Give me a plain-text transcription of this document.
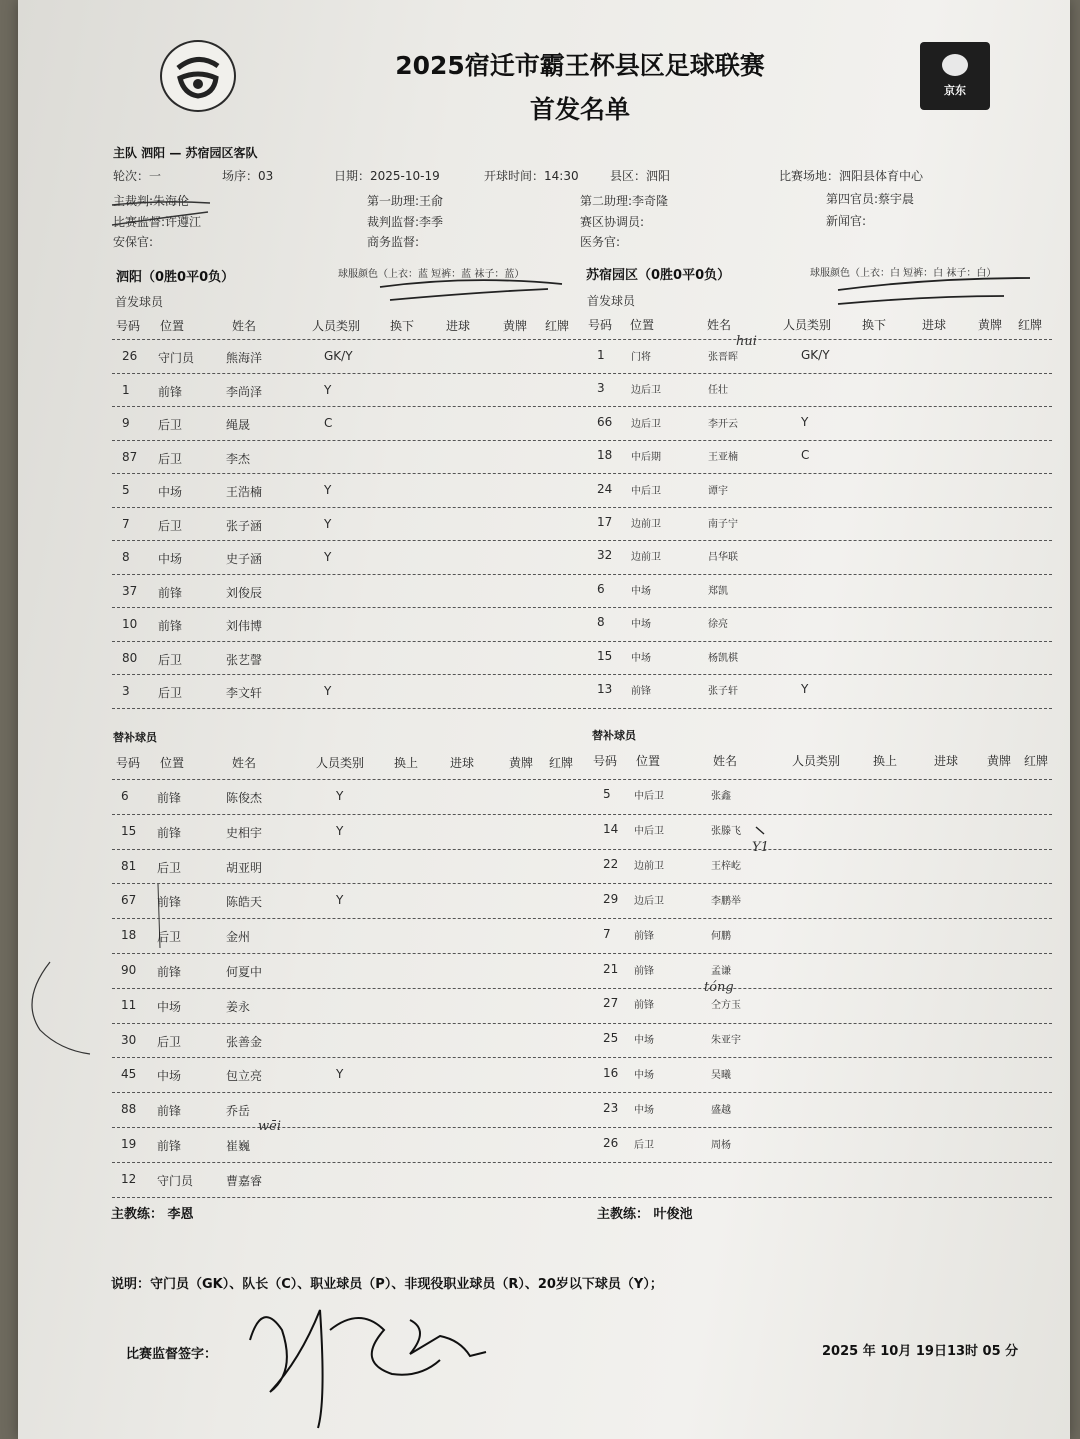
京东
2025宿迁市霸王杯县区足球联赛
首发名单
主队 泗阳 — 苏宿园区客队
轮次：一	场序：03	日期：2025-10-19	开球时间：14:30	县区：泗阳	比赛场地：泗阳县体育中心
主裁判:朱海伦	第一助理:王俞	第二助理:李奇隆	第四官员:蔡宇晨
比赛监督:许遵江	裁判监督:李季	赛区协调员:	新闻官:
安保官:	商务监督:	医务官:
泗阳（0胜0平0负）	球服颜色（上衣：蓝 短裤：蓝 袜子：蓝）	苏宿园区（0胜0平0负）	球服颜色（上衣：白 短裤：白 袜子：白）
首发球员	首发球员
号码 位置	姓名	人员类别 换下	进球	黄牌 红牌 号码 位置	姓名	人员类别	换下	进球	黄牌 红牌
26 守门员	熊海洋	GK/Y
1 前锋	李尚泽	Y
9 后卫	绳晟	C
87 后卫	李杰
5 中场	王浩楠	Y
7 后卫	张子涵	Y
8 中场	史子涵	Y
37 前锋	刘俊辰
10 前锋	刘伟博
80 后卫	张艺謦
3 后卫	李文轩	Y
1	门将	张晋晖	GK/Y
3	边后卫	任壮
66 边后卫	李开云	Y
18 中后期	王亚楠	C
24 中后卫	谭宇
17 边前卫	南子宁
32 边前卫	吕华联
6	中场	郑凯
8	中场	徐亮
15 中场	杨凯棋
13 前锋	张子轩	Y
替补球员	替补球员
号码 位置	姓名	人员类别 换上	进球	黄牌 红牌 号码 位置	姓名	人员类别	换上	进球 黄牌 红牌
6 前锋	陈俊杰	Y
15 前锋	史相宇	Y
81 后卫	胡亚明
67 前锋	陈皓天	Y
18 后卫	金州
90 前锋	何夏中
11 中场	姜永
30 后卫	张善金
45 中场	包立亮	Y
88 前锋	乔岳
19 前锋	崔巍
12 守门员	曹嘉睿
5 中后卫	张鑫
14 中后卫	张滕飞
22 边前卫	王梓屹
29 边后卫	李鹏举
7 前锋	何鹏
21 前锋	孟谦
27 前锋	仝方玉
25 中场	朱亚宇
16 中场	吴曦
23 中场	盛越
26 后卫	周杨
hui
Y1
tóng
wēi
主教练： 李恩	主教练： 叶俊池
说明：守门员（GK）、队长（C）、职业球员（P）、非现役职业球员（R）、20岁以下球员（Y）；
比赛监督签字：	2025 年 10月 19日13时 05 分
